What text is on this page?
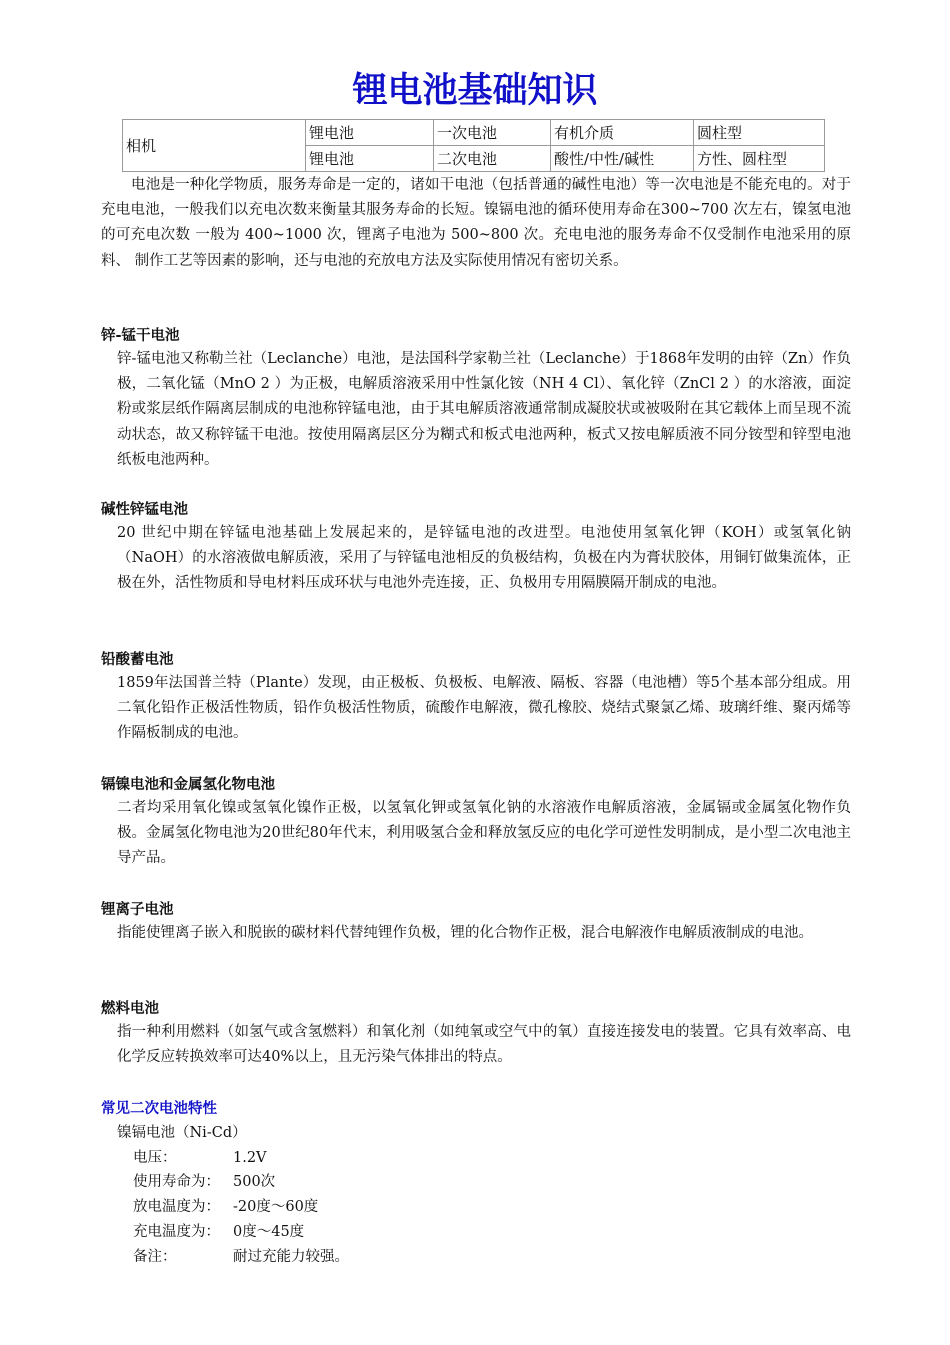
锂电池基础知识
相机	锂电池	一次电池	有机介质	圆柱型
	锂电池	二次电池	酸性/中性/碱性	方性、圆柱型

电池是一种化学物质，服务寿命是一定的，诸如干电池（包括普通的碱性电池）等一次电池是不能充电的。对于充电电池，一般我们以充电次数来衡量其服务寿命的长短。镍镉电池的循环使用寿命在300~700 次左右，镍氢电池的可充电次数 一般为 400~1000 次，锂离子电池为 500~800 次。充电电池的服务寿命不仅受制作电池采用的原料、 制作工艺等因素的影响，还与电池的充放电方法及实际使用情况有密切关系。

锌-锰干电池

锌-锰电池又称勒兰社（Leclanche）电池，是法国科学家勒兰社（Leclanche）于1868年发明的由锌（Zn）作负极，二氧化锰（MnO 2 ）为正极，电解质溶液采用中性氯化铵（NH 4 Cl）、氧化锌（ZnCl 2 ）的水溶液，面淀粉或浆层纸作隔离层制成的电池称锌锰电池，由于其电解质溶液通常制成凝胶状或被吸附在其它载体上而呈现不流动状态，故又称锌锰干电池。按使用隔离层区分为糊式和板式电池两种，板式又按电解质液不同分铵型和锌型电池纸板电池两种。

碱性锌锰电池

20 世纪中期在锌锰电池基础上发展起来的，是锌锰电池的改进型。电池使用氢氧化钾（KOH）或氢氧化钠（NaOH）的水溶液做电解质液，采用了与锌锰电池相反的负极结构，负极在内为膏状胶体，用铜钉做集流体，正极在外，活性物质和导电材料压成环状与电池外壳连接，正、负极用专用隔膜隔开制成的电池。

铅酸蓄电池

1859年法国普兰特（Plante）发现，由正极板、负极板、电解液、隔板、容器（电池槽）等5个基本部分组成。用二氧化铅作正极活性物质，铅作负极活性物质，硫酸作电解液，微孔橡胶、烧结式聚氯乙烯、玻璃纤维、聚丙烯等作隔板制成的电池。

镉镍电池和金属氢化物电池

二者均采用氧化镍或氢氧化镍作正极，以氢氧化钾或氢氧化钠的水溶液作电解质溶液，金属镉或金属氢化物作负极。金属氢化物电池为20世纪80年代末，利用吸氢合金和释放氢反应的电化学可逆性发明制成，是小型二次电池主导产品。

锂离子电池

指能使锂离子嵌入和脱嵌的碳材料代替纯锂作负极，锂的化合物作正极，混合电解液作电解质液制成的电池。

燃料电池

指一种利用燃料（如氢气或含氢燃料）和氧化剂（如纯氧或空气中的氧）直接连接发电的装置。它具有效率高、电化学反应转换效率可达40%以上，且无污染气体排出的特点。

常见二次电池特性

镍镉电池（Ni-Cd）

电压：	1.2V

使用寿命为： 500次

放电温度为： -20度～60度

充电温度为： 0度～45度

备注：	耐过充能力较强。
